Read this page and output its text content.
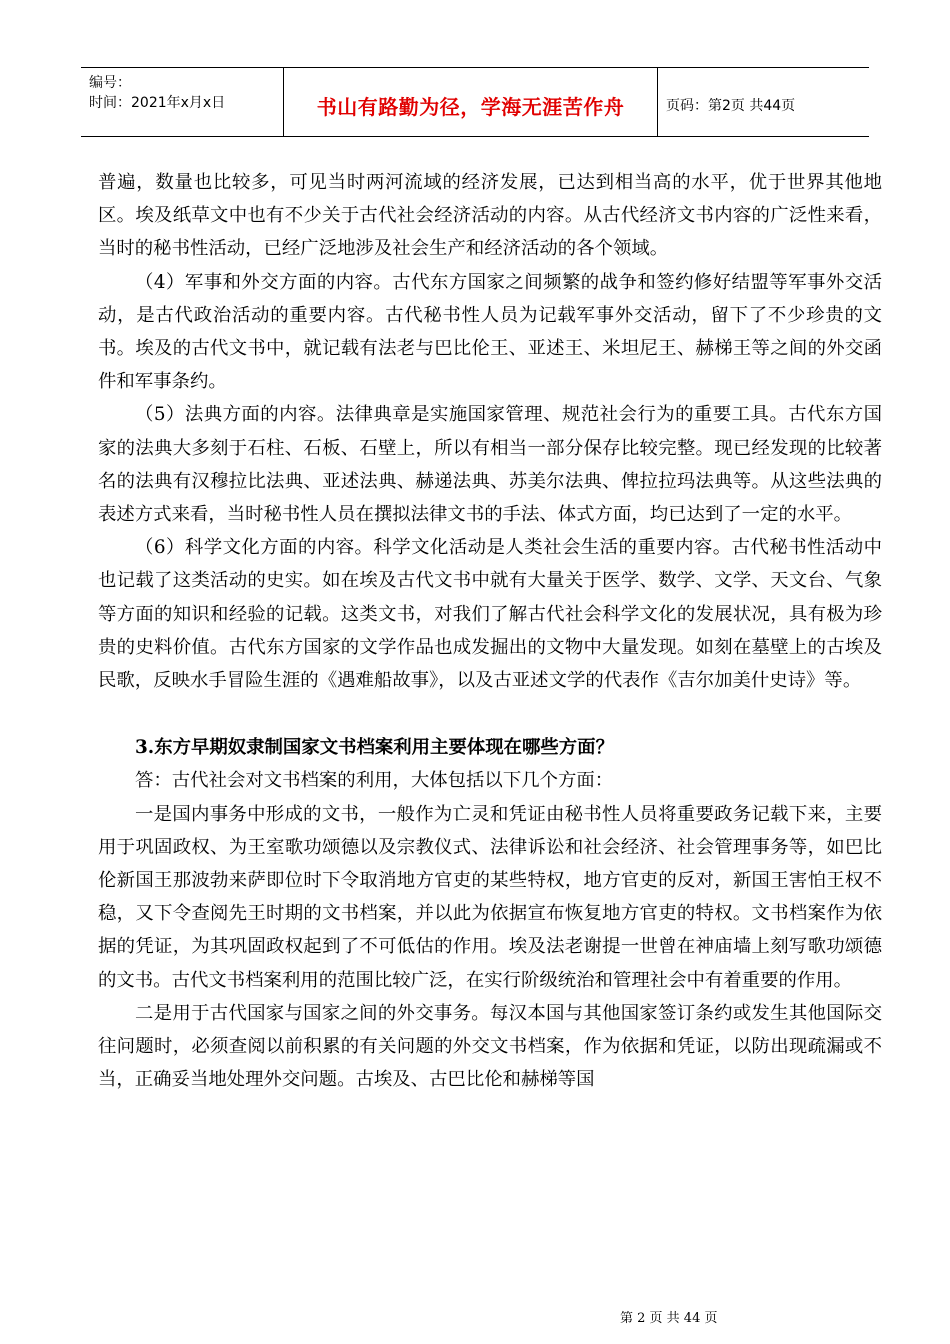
编号：
时间：2021年x月x日	书山有路勤为径，学海无涯苦作舟	页码：第2页 共44页

普遍，数量也比较多，可见当时两河流域的经济发展，已达到相当高的水平，优于世界其他地区。埃及纸草文中也有不少关于古代社会经济活动的内容。从古代经济文书内容的广泛性来看，当时的秘书性活动，已经广泛地涉及社会生产和经济活动的各个领域。

（4）军事和外交方面的内容。古代东方国家之间频繁的战争和签约修好结盟等军事外交活动，是古代政治活动的重要内容。古代秘书性人员为记载军事外交活动，留下了不少珍贵的文书。埃及的古代文书中，就记载有法老与巴比伦王、亚述王、米坦尼王、赫梯王等之间的外交函件和军事条约。

（5）法典方面的内容。法律典章是实施国家管理、规范社会行为的重要工具。古代东方国家的法典大多刻于石柱、石板、石壁上，所以有相当一部分保存比较完整。现已经发现的比较著名的法典有汉穆拉比法典、亚述法典、赫递法典、苏美尔法典、俾拉拉玛法典等。从这些法典的表述方式来看，当时秘书性人员在撰拟法律文书的手法、体式方面，均已达到了一定的水平。

（6）科学文化方面的内容。科学文化活动是人类社会生活的重要内容。古代秘书性活动中也记载了这类活动的史实。如在埃及古代文书中就有大量关于医学、数学、文学、天文台、气象等方面的知识和经验的记载。这类文书，对我们了解古代社会科学文化的发展状况，具有极为珍贵的史料价值。古代东方国家的文学作品也成发掘出的文物中大量发现。如刻在墓壁上的古埃及民歌，反映水手冒险生涯的《遇难船故事》，以及古亚述文学的代表作《吉尔加美什史诗》等。

3.东方早期奴隶制国家文书档案利用主要体现在哪些方面？

答：古代社会对文书档案的利用，大体包括以下几个方面：

一是国内事务中形成的文书，一般作为亡灵和凭证由秘书性人员将重要政务记载下来，主要用于巩固政权、为王室歌功颂德以及宗教仪式、法律诉讼和社会经济、社会管理事务等，如巴比伦新国王那波勃来萨即位时下令取消地方官吏的某些特权，地方官吏的反对，新国王害怕王权不稳，又下令查阅先王时期的文书档案，并以此为依据宣布恢复地方官吏的特权。文书档案作为依据的凭证，为其巩固政权起到了不可低估的作用。埃及法老谢提一世曾在神庙墙上刻写歌功颂德的文书。古代文书档案利用的范围比较广泛，在实行阶级统治和管理社会中有着重要的作用。

二是用于古代国家与国家之间的外交事务。每汉本国与其他国家签订条约或发生其他国际交往问题时，必须查阅以前积累的有关问题的外交文书档案，作为依据和凭证，以防出现疏漏或不当，正确妥当地处理外交问题。古埃及、古巴比伦和赫梯等国

第 2 页 共 44 页
